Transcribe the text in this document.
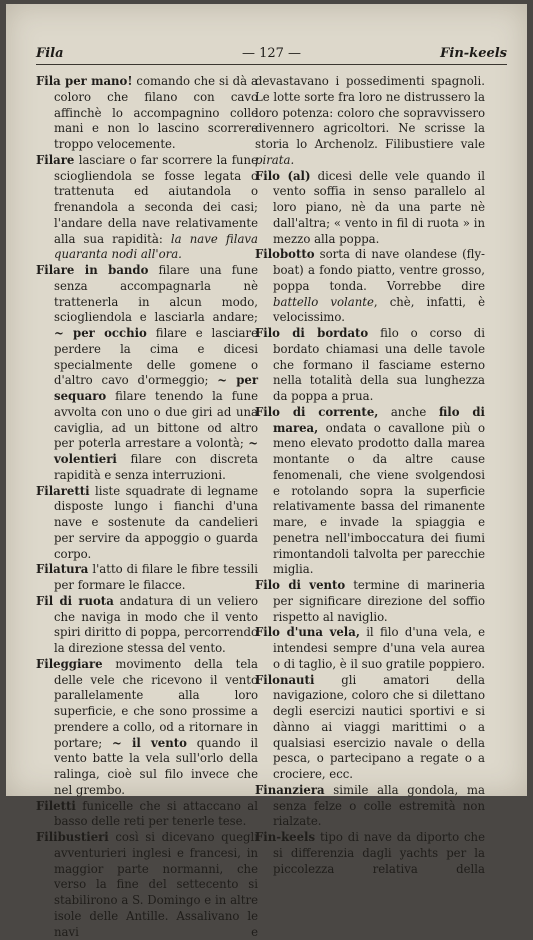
Fila	— 127 —	Fin-keels

Fila per mano! comando che si dà a coloro che filano con cavo affinchè lo accompagnino colle mani e non lo lascino scorrere troppo velocemente.

Filare lasciare o far scorrere la fune sciogliendola se fosse legata o trattenuta ed aiutandola o frenandola a seconda dei casi; l'andare della nave relativamente alla sua rapidità: la nave filava quaranta nodi all'ora.

Filare in bando filare una fune senza accompagnarla nè trattenerla in alcun modo, sciogliendola e lasciarla andare; ~ per occhio filare e lasciare perdere la cima e dicesi specialmente delle gomene o d'altro cavo d'ormeggio; ~ per sequaro filare tenendo la fune avvolta con uno o due giri ad una caviglia, ad un bittone od altro per poterla arrestare a volontà; ~ volentieri filare con discreta rapidità e senza interruzioni.

Filaretti liste squadrate di legname disposte lungo i fianchi d'una nave e sostenute da candelieri per servire da appoggio o guarda corpo.

Filatura l'atto di filare le fibre tessili per formare le filacce.

Fil di ruota andatura di un veliero che naviga in modo che il vento spiri diritto di poppa, percorrendo la direzione stessa del vento.

Fileggiare movimento della tela delle vele che ricevono il vento parallelamente alla loro superficie, e che sono prossime a prendere a collo, od a ritornare in portare; ~ il vento quando il vento batte la vela sull'orlo della ralinga, cioè sul filo invece che nel grembo.

Filetti funicelle che si attaccano al basso delle reti per tenerle tese.

Filibustieri così si dicevano quegli avventurieri inglesi e francesi, in maggior parte normanni, che verso la fine del settecento si stabilirono a S. Domingo e in altre isole delle Antille. Assalivano le navi e

devastavano i possedimenti spagnoli. Le lotte sorte fra loro ne distrussero la loro potenza: coloro che sopravvissero divennero agricoltori. Ne scrisse la storia lo Archenolz. Filibustiere vale pirata.

Filo (al) dicesi delle vele quando il vento soffia in senso parallelo al loro piano, nè da una parte nè dall'altra; « vento in fil di ruota » in mezzo alla poppa.

Filobotto sorta di nave olandese (fly-boat) a fondo piatto, ventre grosso, poppa tonda. Vorrebbe dire battello volante, chè, infatti, è velocissimo.

Filo di bordato filo o corso di bordato chiamasi una delle tavole che formano il fasciame esterno nella totalità della sua lunghezza da poppa a prua.

Filo di corrente, anche filo di marea, ondata o cavallone più o meno elevato prodotto dalla marea montante o da altre cause fenomenali, che viene svolgendosi e rotolando sopra la superficie relativamente bassa del rimanente mare, e invade la spiaggia e penetra nell'imboccatura dei fiumi rimontandoli talvolta per parecchie miglia.

Filo di vento termine di marineria per significare direzione del soffio rispetto al naviglio.

Filo d'una vela, il filo d'una vela, e intendesi sempre d'una vela aurea o di taglio, è il suo gratile poppiero.

Filonauti gli amatori della navigazione, coloro che si dilettano degli esercizi nautici sportivi e si dànno ai viaggi marittimi o a qualsiasi esercizio navale o della pesca, o partecipano a regate o a crociere, ecc.

Finanziera simile alla gondola, ma senza felze o colle estremità non rialzate.

Fin-keels tipo di nave da diporto che si differenzia dagli yachts per la piccolezza relativa della
